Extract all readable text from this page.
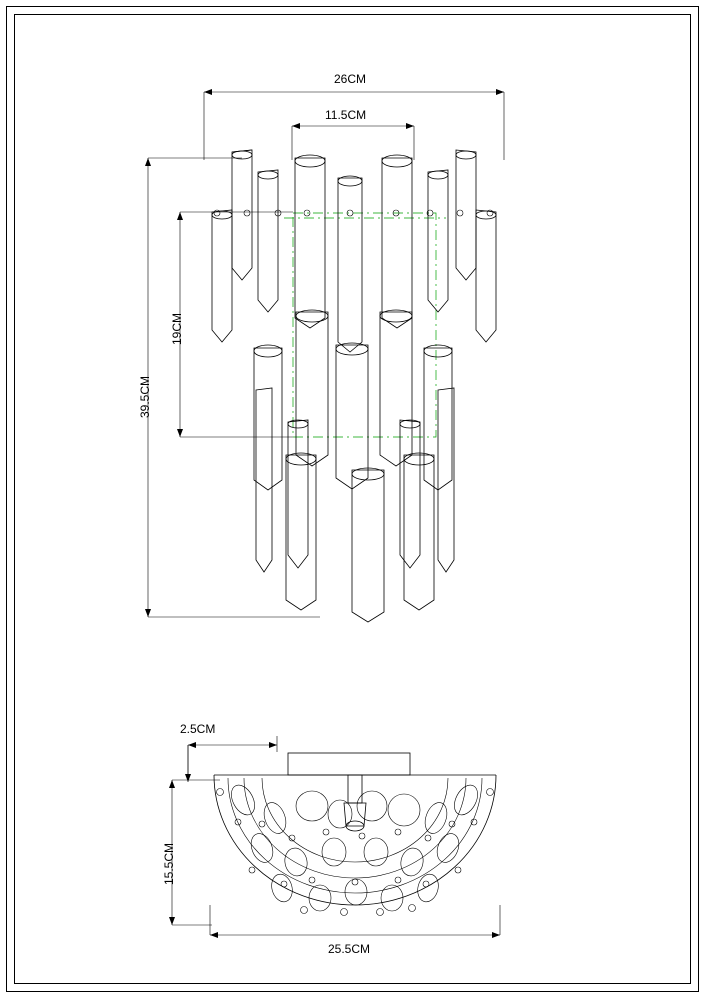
26CM
11.5CM
19CM
39.5CM
2.5CM
15.5CM
25.5CM
